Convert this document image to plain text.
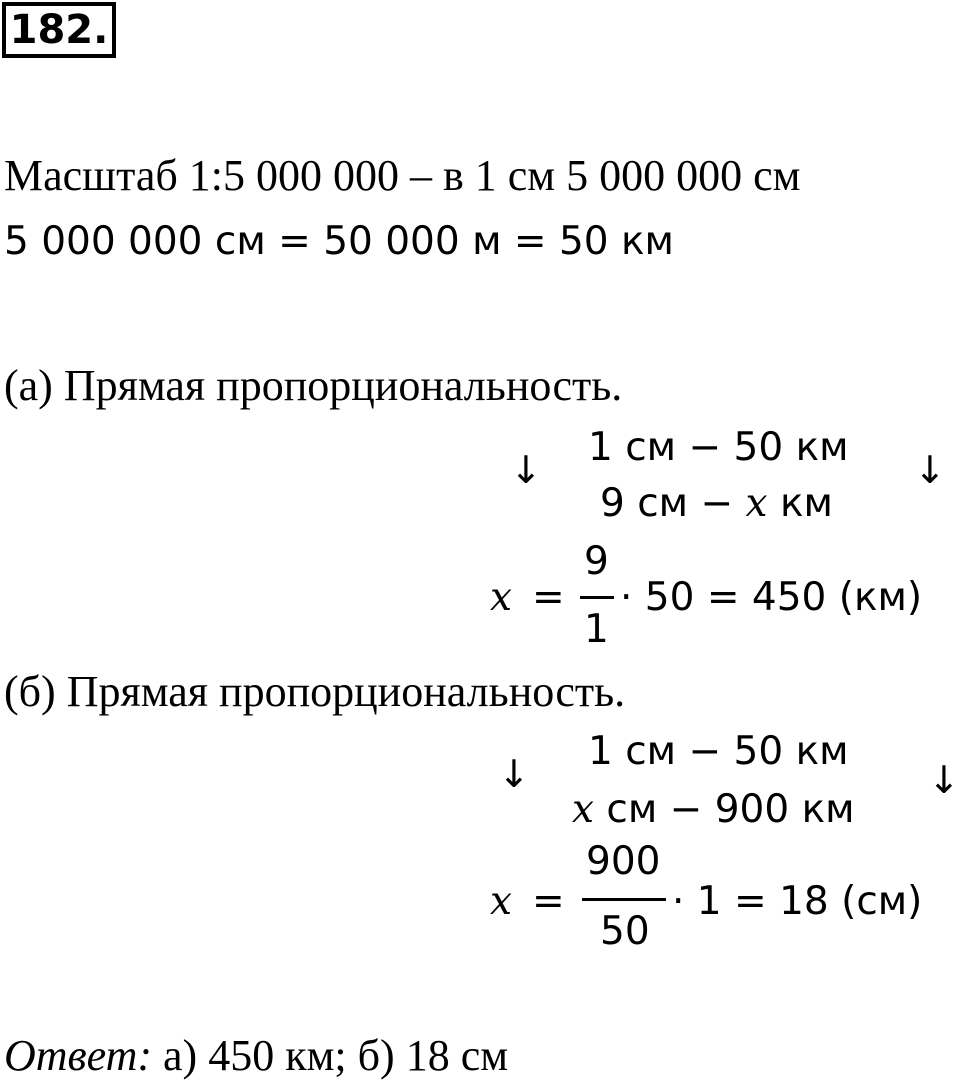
182.
Масштаб 1:5 000 000 – в 1 см 5 000 000 см
5 000 000 см = 50 000 м = 50 км
(а) Прямая пропорциональность.
↓	↓
1 см − 50 км
9 см − x км
x =
9
1
· 50 = 450 (км)
(б) Прямая пропорциональность.
↓	↓
1 см − 50 км
x см − 900 км
x =
900
50
· 1 = 18 (см)
Ответ: а) 450 км; б) 18 см
